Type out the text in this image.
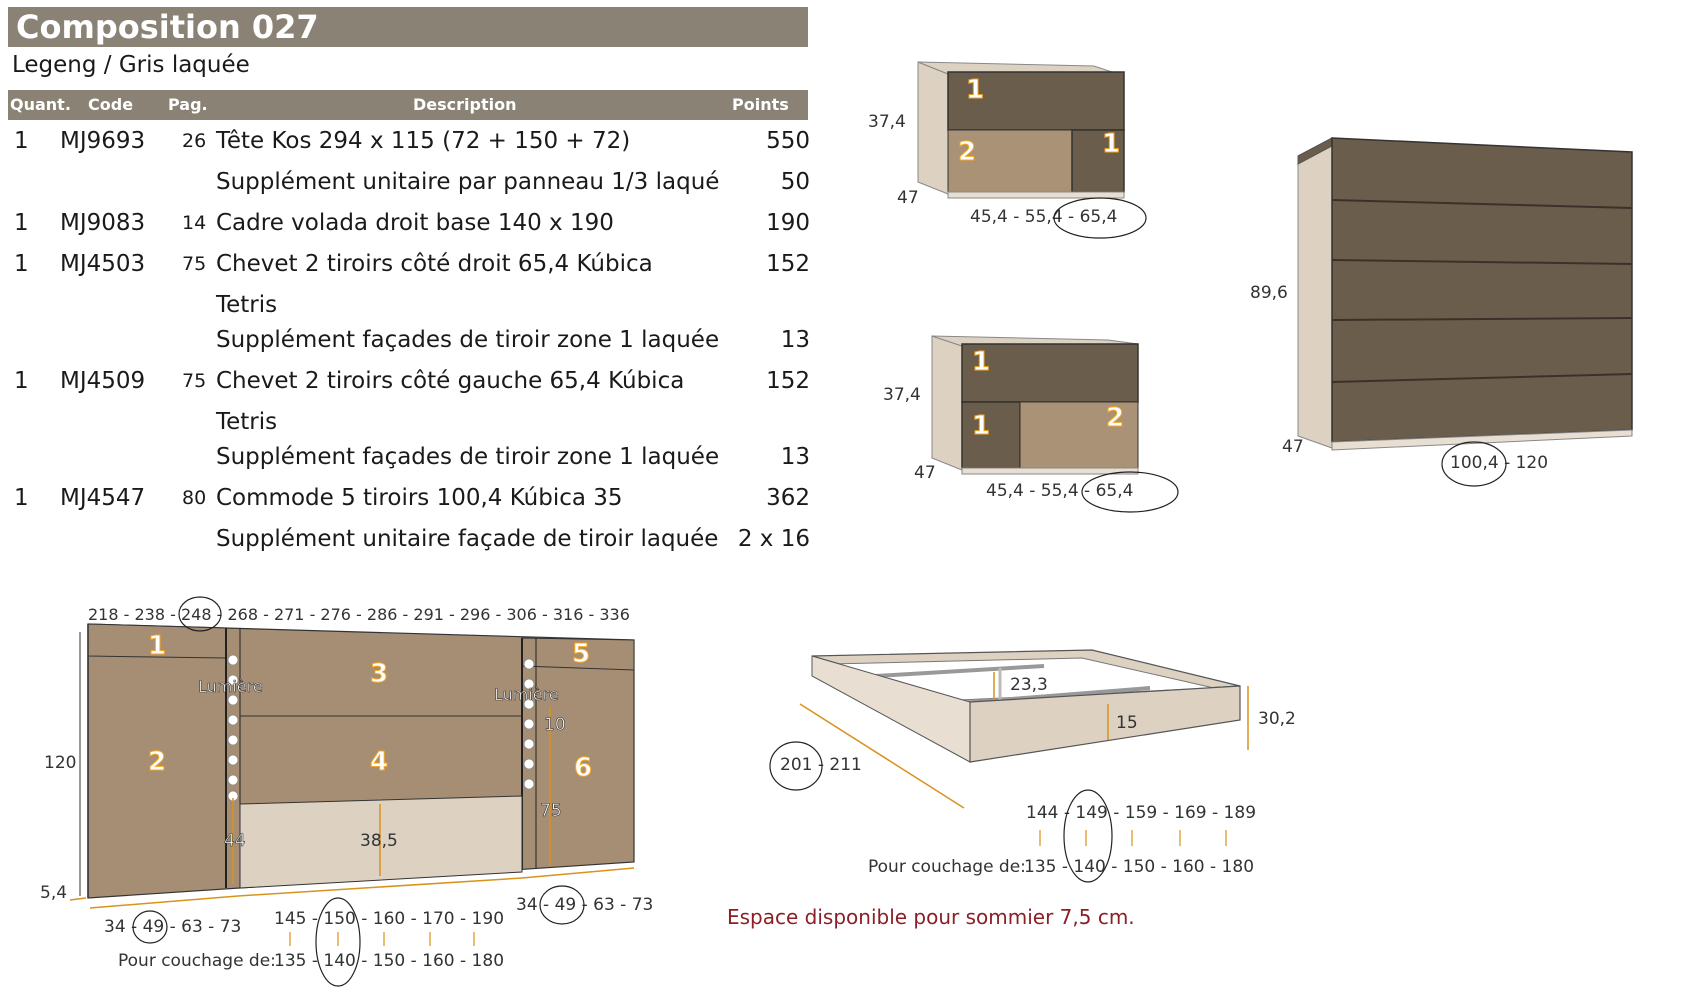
Composition 027
Legeng / Gris laquée
Quant. Code Pag.	Description	Points
1 MJ9693 26 Tête Kos 294 x 115 (72 + 150 + 72)	550
Supplément unitaire par panneau 1/3 laqué	50
1 MJ9083 14 Cadre volada droit base 140 x 190	190
1 MJ4503 75 Chevet 2 tiroirs côté droit 65,4 Kúbica	152
Tetris
Supplément façades de tiroir zone 1 laquée	13
1 MJ4509 75 Chevet 2 tiroirs côté gauche 65,4 Kúbica	152
Tetris
Supplément façades de tiroir zone 1 laquée	13
1 MJ4547 80 Commode 5 tiroirs 100,4 Kúbica 35	362
Supplément unitaire façade de tiroir laquée 2 x 16
1
2	1
37,4
47
45,4 - 55,4 - 65,4
1
1	2
37,4
47
45,4 - 55,4 - 65,4
89,6
47
100,4 - 120
1
2
3
4
5
6
Lumière	Lumière
218 - 238 - 248 - 268 - 271 - 276 - 286 - 291 - 296 - 306 - 316 - 336
120
5,4
44	38,5
10
75
34 - 49 - 63 - 73
34 - 49 - 63 - 73
145 - 150 - 160 - 170 - 190
Pour couchage de:
135 - 140 - 150 - 160 - 180
23,3
15	30,2
201 - 211
144 - 149 - 159 - 169 - 189
Pour couchage de:
135 - 140 - 150 - 160 - 180
Espace disponible pour sommier 7,5 cm.
